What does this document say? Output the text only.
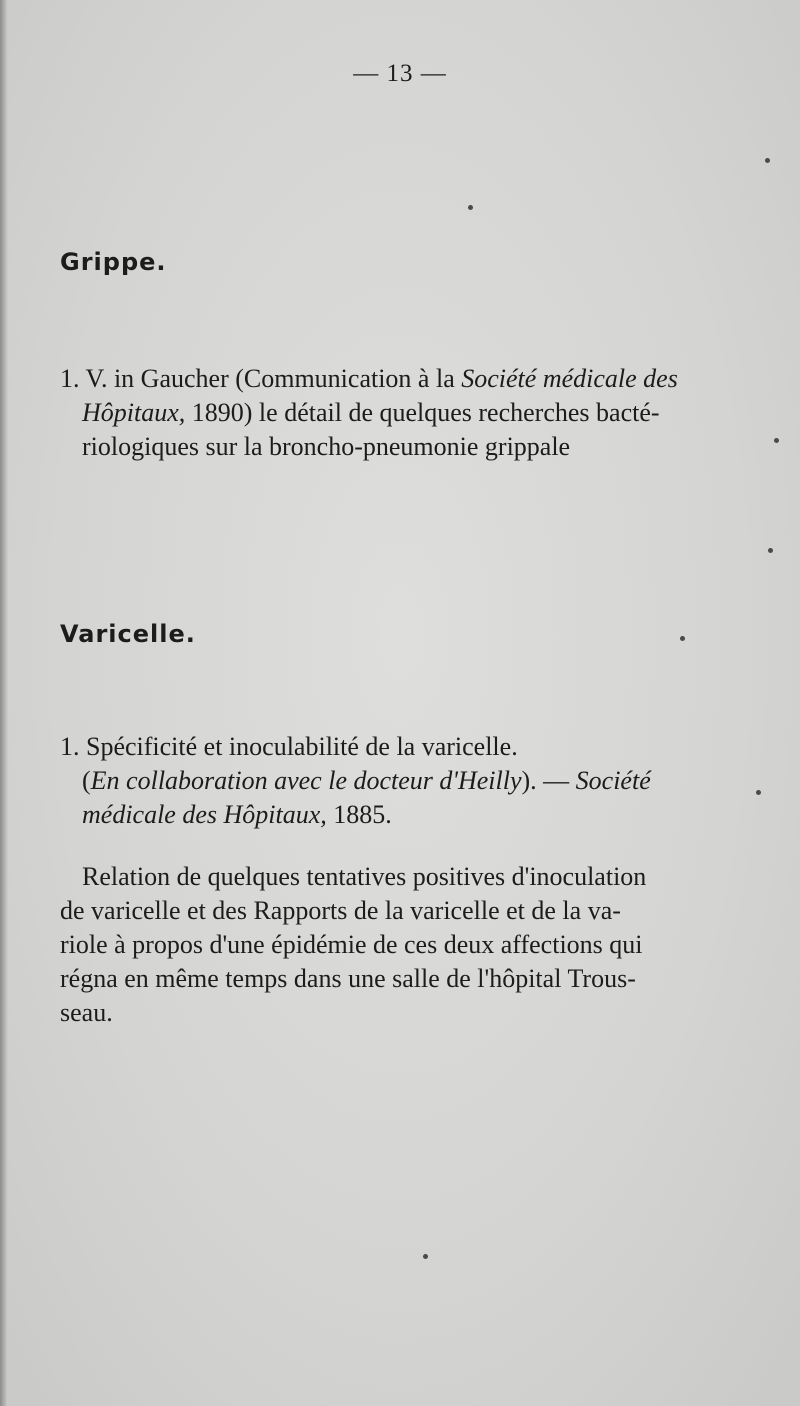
— 13 —
Grippe.
1. V. in Gaucher (Communication à la Société médicale des
Hôpitaux, 1890) le détail de quelques recherches bacté-
riologiques sur la broncho-pneumonie grippale
Varicelle.
1. Spécificité et inoculabilité de la varicelle.
(En collaboration avec le docteur d'Heilly). — Société
médicale des Hôpitaux, 1885.
Relation de quelques tentatives positives d'inoculation
de varicelle et des Rapports de la varicelle et de la va-
riole à propos d'une épidémie de ces deux affections qui
régna en même temps dans une salle de l'hôpital Trous-
seau.
